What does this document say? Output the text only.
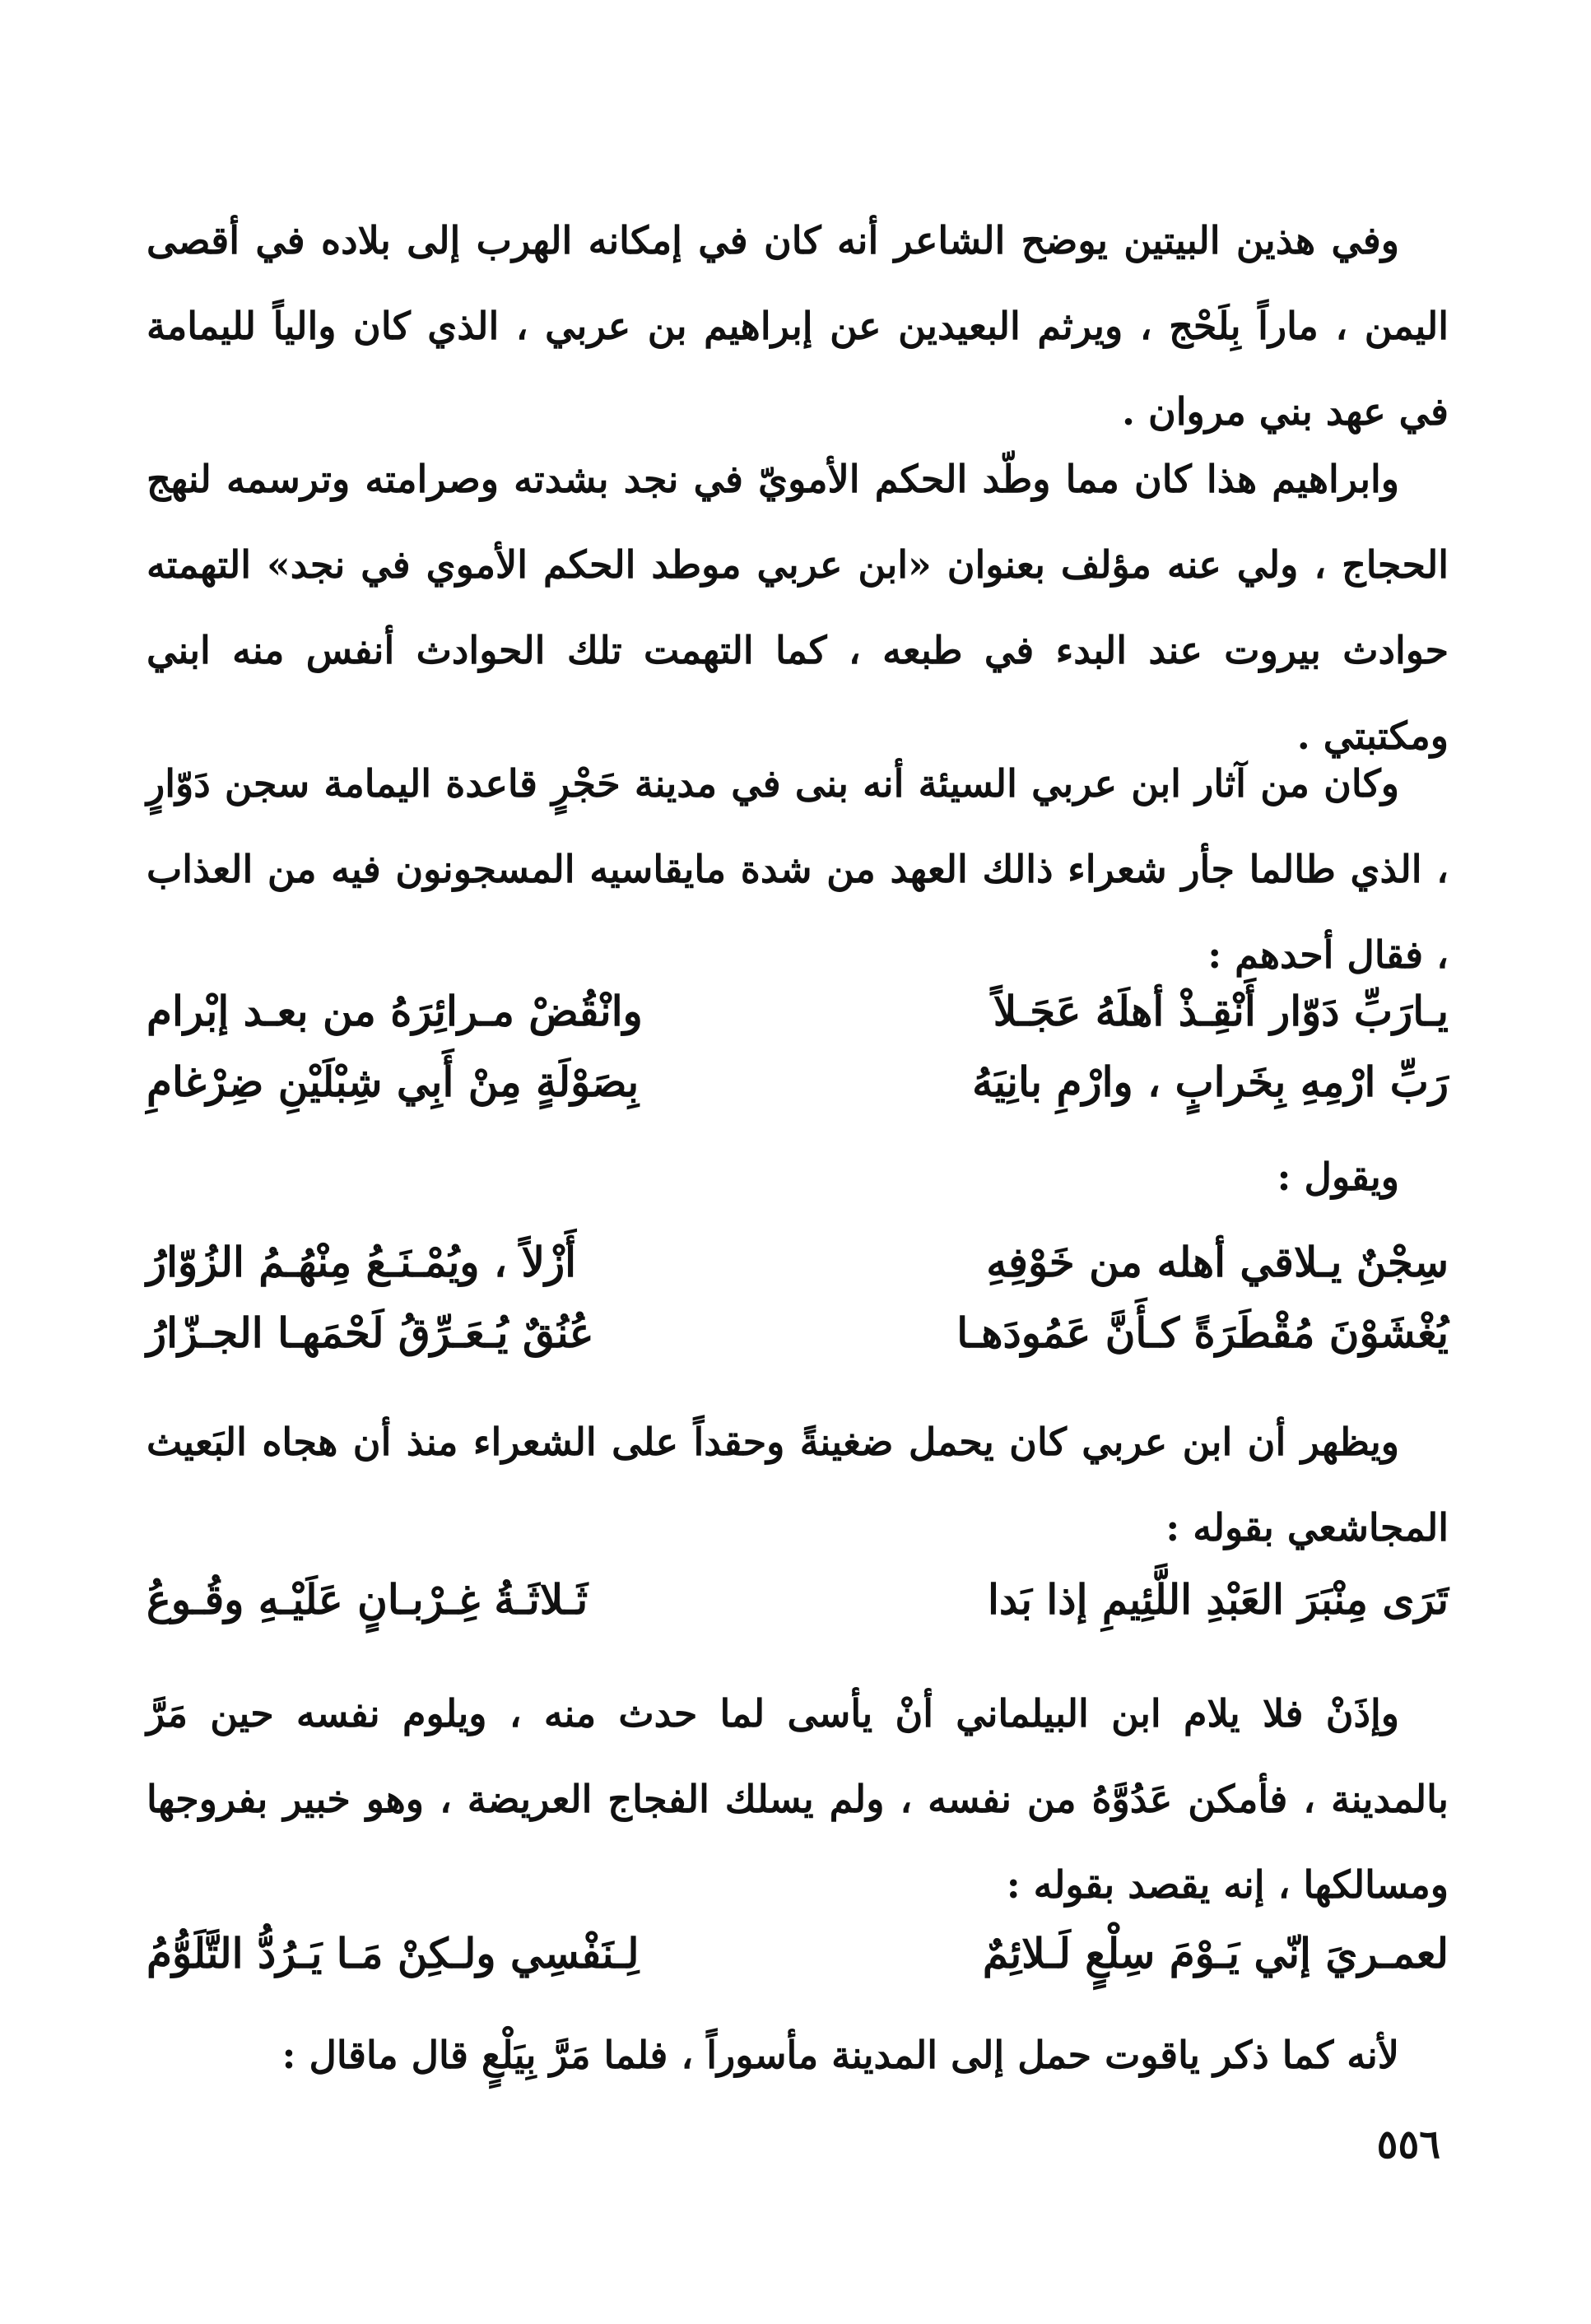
وفي هذين البيتين يوضح الشاعر أنه كان في إمكانه الهرب إلى بلاده في أقصى اليمن ، ماراً بِلَحْج ، ويرثم البعيدين عن إبراهيم بن عربي ، الذي كان والياً لليمامة في عهد بني مروان .

وابراهيم هذا كان مما وطّد الحكم الأمويّ في نجد بشدته وصرامته وترسمه لنهج الحجاج ، ولي عنه مؤلف بعنوان «ابن عربي موطد الحكم الأموي في نجد» التهمته حوادث بيروت عند البدء في طبعه ، كما التهمت تلك الحوادث أنفس منه ابني ومكتبتي .

وكان من آثار ابن عربي السيئة أنه بنى في مدينة حَجْرٍ قاعدة اليمامة سجن دَوّارٍ ، الذي طالما جأر شعراء ذالك العهد من شدة مايقاسيه المسجونون فيه من العذاب ، فقال أحدهم :

يـارَبِّ دَوّار أَنْقِـذْ أهلَهُ عَجَـلاً
وانْقُضْ مـرائِرَهُ من بعـد إبْرام
رَبِّ ارْمِهِ بِخَرابٍ ، وارْمِ بانِيَهُ
بِصَوْلَةٍ مِنْ أَبِي شِبْلَيْنِ ضِرْغامِ

ويقول :

سِجْنٌ يـلاقي أهله من خَوْفِهِ
أَزْلاً ، ويُمْـنَـعُ مِنْهُـمُ الزُوّارُ
يُغْشَوْنَ مُقْطَرَةً كـأَنَّ عَمُودَهـا
عُنُقٌ يُـعَـرِّقُ لَحْمَهـا الجـزّارُ

ويظهر أن ابن عربي كان يحمل ضغينةً وحقداً على الشعراء منذ أن هجاه البَعيث المجاشعي بقوله :

تَرَى مِنْبَرَ العَبْدِ اللَّئِيمِ إذا بَدا
ثَـلاثَـةُ غِـرْبـانٍ عَلَيْـهِ وقُـوعُ

وإذَنْ فلا يلام ابن البيلماني أنْ يأسى لما حدث منه ، ويلوم نفسه حين مَرَّ بالمدينة ، فأمكن عَدُوَّهُ من نفسه ، ولم يسلك الفجاج العريضة ، وهو خبير بفروجها ومسالكها ، إنه يقصد بقوله :

لعمـريَ إنّي يَـوْمَ سِلْعٍ لَـلائِمٌ
لِـنَفْسِي ولـكِنْ مَـا يَـرُدُّ التَّلَوُّمُ

لأنه كما ذكر ياقوت حمل إلى المدينة مأسوراً ، فلما مَرَّ بِيَلْعٍ قال ماقال :

٥٥٦
